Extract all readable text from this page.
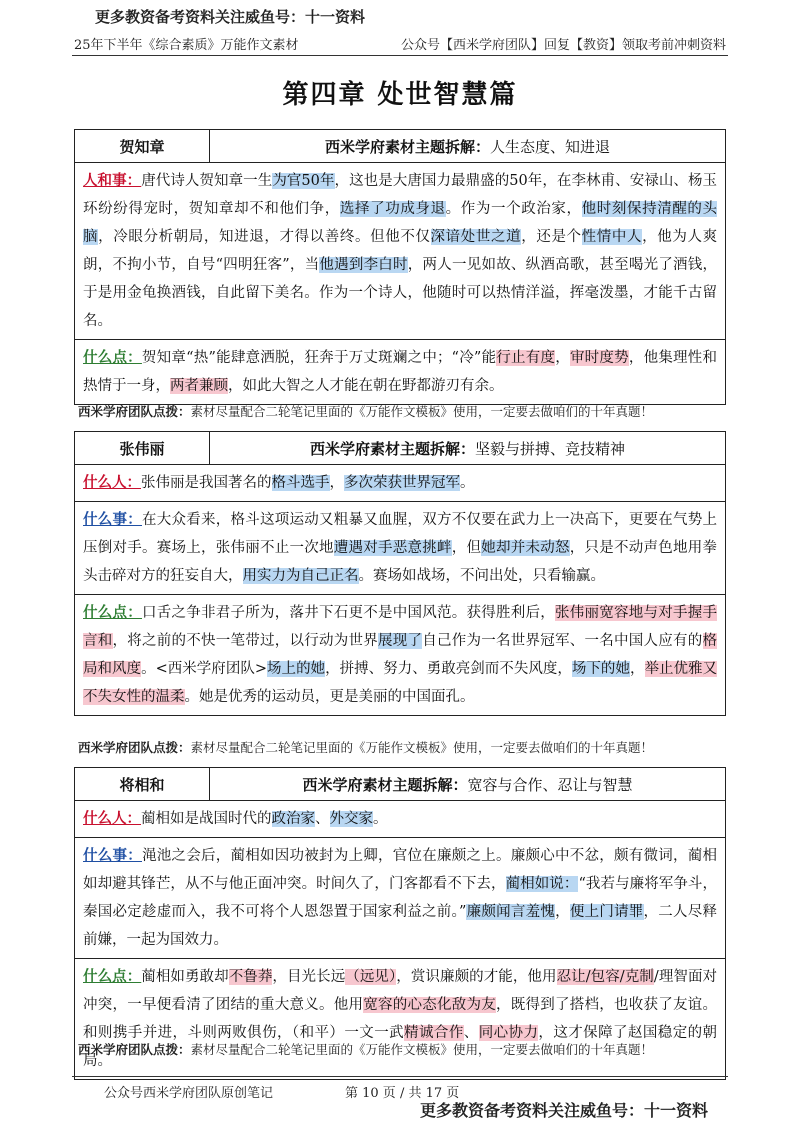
更多教资备考资料关注威鱼号：十一资料
25年下半年《综合素质》万能作文素材	公众号【西米学府团队】回复【教资】领取考前冲刺资料
第四章 处世智慧篇
贺知章	西米学府素材主题拆解： 人生态度、知进退
人和事：唐代诗人贺知章一生为官50年，这也是大唐国力最鼎盛的50年，在李林甫、安禄山、杨玉环纷纷得宠时，贺知章却不和他们争，选择了功成身退。作为一个政治家，他时刻保持清醒的头脑，冷眼分析朝局，知进退，才得以善终。但他不仅深谙处世之道，还是个性情中人，他为人爽朗，不拘小节，自号“四明狂客”，当他遇到李白时，两人一见如故、纵酒高歌，甚至喝光了酒钱，于是用金龟换酒钱，自此留下美名。作为一个诗人，他随时可以热情洋溢，挥毫泼墨，才能千古留名。
什么点：贺知章“热”能肆意洒脱，狂奔于万丈斑斓之中；“冷”能行止有度，审时度势，他集理性和热情于一身，两者兼顾，如此大智之人才能在朝在野都游刃有余。
西米学府团队点拨：素材尽量配合二轮笔记里面的《万能作文模板》使用，一定要去做咱们的十年真题！
张伟丽	西米学府素材主题拆解： 坚毅与拼搏、竞技精神
什么人：张伟丽是我国著名的格斗选手，多次荣获世界冠军。
什么事：在大众看来，格斗这项运动又粗暴又血腥，双方不仅要在武力上一决高下，更要在气势上压倒对手。赛场上，张伟丽不止一次地遭遇对手恶意挑衅，但她却并未动怒，只是不动声色地用拳头击碎对方的狂妄自大，用实力为自己正名。赛场如战场，不问出处，只看输赢。
什么点：口舌之争非君子所为，落井下石更不是中国风范。获得胜利后，张伟丽宽容地与对手握手言和，将之前的不快一笔带过，以行动为世界展现了自己作为一名世界冠军、一名中国人应有的格局和风度。<西米学府团队>场上的她，拼搏、努力、勇敢亮剑而不失风度，场下的她，举止优雅又不失女性的温柔。她是优秀的运动员，更是美丽的中国面孔。
西米学府团队点拨：素材尽量配合二轮笔记里面的《万能作文模板》使用，一定要去做咱们的十年真题！
将相和	西米学府素材主题拆解： 宽容与合作、忍让与智慧
什么人：蔺相如是战国时代的政治家、外交家。
什么事：渑池之会后，蔺相如因功被封为上卿，官位在廉颇之上。廉颇心中不忿，颇有微词，蔺相如却避其锋芒，从不与他正面冲突。时间久了，门客都看不下去，蔺相如说：“我若与廉将军争斗，秦国必定趁虚而入，我不可将个人恩怨置于国家利益之前。”廉颇闻言羞愧，便上门请罪，二人尽释前嫌，一起为国效力。
什么点：蔺相如勇敢却不鲁莽，目光长远（远见），赏识廉颇的才能，他用忍让/包容/克制/理智面对冲突，一早便看清了团结的重大意义。他用宽容的心态化敌为友，既得到了搭档，也收获了友谊。和则携手并进，斗则两败俱伤，（和平）一文一武精诚合作、同心协力，这才保障了赵国稳定的朝局。
西米学府团队点拨：素材尽量配合二轮笔记里面的《万能作文模板》使用，一定要去做咱们的十年真题！
公众号西米学府团队原创笔记	第 10 页 / 共 17 页
更多教资备考资料关注威鱼号：十一资料
